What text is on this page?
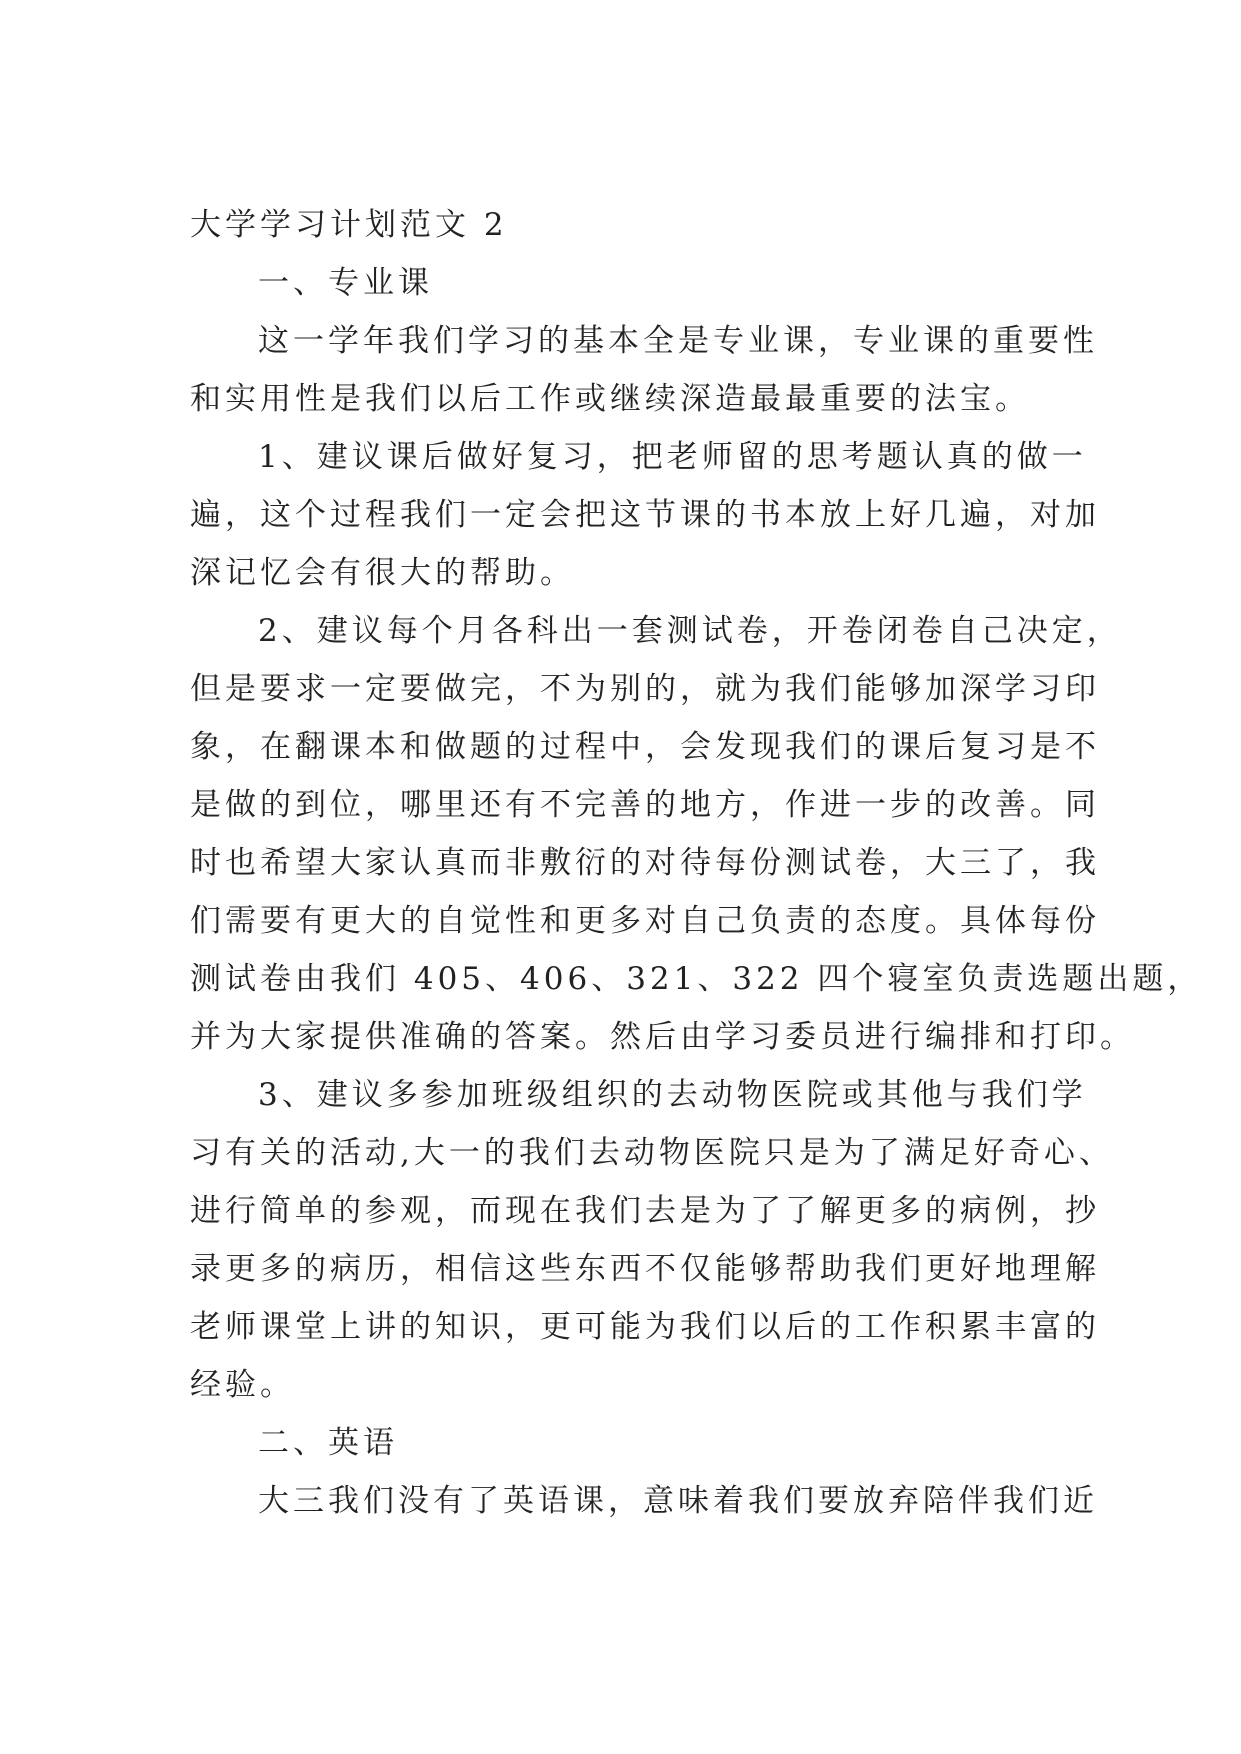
大学学习计划范文 2
一、专业课
这一学年我们学习的基本全是专业课，专业课的重要性
和实用性是我们以后工作或继续深造最最重要的法宝。
1、建议课后做好复习，把老师留的思考题认真的做一
遍，这个过程我们一定会把这节课的书本放上好几遍，对加
深记忆会有很大的帮助。
2、建议每个月各科出一套测试卷，开卷闭卷自己决定，
但是要求一定要做完，不为别的，就为我们能够加深学习印
象，在翻课本和做题的过程中，会发现我们的课后复习是不
是做的到位，哪里还有不完善的地方，作进一步的改善。同
时也希望大家认真而非敷衍的对待每份测试卷，大三了，我
们需要有更大的自觉性和更多对自己负责的态度。具体每份
测试卷由我们 405、406、321、322 四个寝室负责选题出题，
并为大家提供准确的答案。然后由学习委员进行编排和打印。
3、建议多参加班级组织的去动物医院或其他与我们学
习有关的活动,大一的我们去动物医院只是为了满足好奇心、
进行简单的参观，而现在我们去是为了了解更多的病例，抄
录更多的病历，相信这些东西不仅能够帮助我们更好地理解
老师课堂上讲的知识，更可能为我们以后的工作积累丰富的
经验。
二、英语
大三我们没有了英语课，意味着我们要放弃陪伴我们近
